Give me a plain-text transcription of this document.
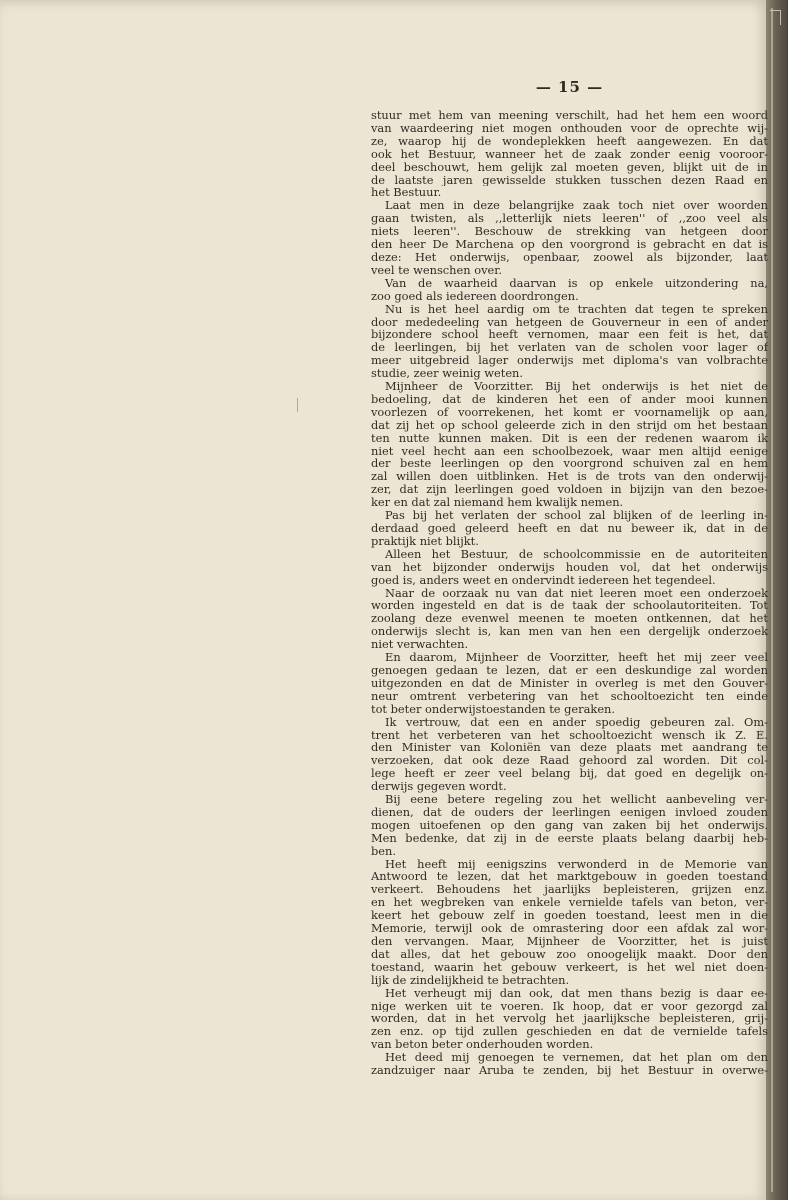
— 15 —
stuur met hem van meening verschilt, had het hem een woord
van waardeering niet mogen onthouden voor de oprechte wij-
ze, waarop hij de wondeplekken heeft aangewezen. En dat
ook het Bestuur, wanneer het de zaak zonder eenig vooroor-
deel beschouwt, hem gelijk zal moeten geven, blijkt uit de in
de laatste jaren gewisselde stukken tusschen dezen Raad en
het Bestuur.
Laat men in deze belangrijke zaak toch niet over woorden
gaan twisten, als ,,letterlijk niets leeren'' of ,,zoo veel als
niets leeren''. Beschouw de strekking van hetgeen door
den heer De Marchena op den voorgrond is gebracht en dat is
deze: Het onderwijs, openbaar, zoowel als bijzonder, laat
veel te wenschen over.
Van de waarheid daarvan is op enkele uitzondering na,
zoo goed als iedereen doordrongen.
Nu is het heel aardig om te trachten dat tegen te spreken
door mededeeling van hetgeen de Gouverneur in een of ander
bijzondere school heeft vernomen, maar een feit is het, dat
de leerlingen, bij het verlaten van de scholen voor lager of
meer uitgebreid lager onderwijs met diploma's van volbrachte
studie, zeer weinig weten.
Mijnheer de Voorzitter. Bij het onderwijs is het niet de
bedoeling, dat de kinderen het een of ander mooi kunnen
voorlezen of voorrekenen, het komt er voornamelijk op aan,
dat zij het op school geleerde zich in den strijd om het bestaan
ten nutte kunnen maken. Dit is een der redenen waarom ik
niet veel hecht aan een schoolbezoek, waar men altijd eenige
der beste leerlingen op den voorgrond schuiven zal en hem
zal willen doen uitblinken. Het is de trots van den onderwij-
zer, dat zijn leerlingen goed voldoen in bijzijn van den bezoe-
ker en dat zal niemand hem kwalijk nemen.
Pas bij het verlaten der school zal blijken of de leerling in-
derdaad goed geleerd heeft en dat nu beweer ik, dat in de
praktijk niet blijkt.
Alleen het Bestuur, de schoolcommissie en de autoriteiten
van het bijzonder onderwijs houden vol, dat het onderwijs
goed is, anders weet en ondervindt iedereen het tegendeel.
Naar de oorzaak nu van dat niet leeren moet een onderzoek
worden ingesteld en dat is de taak der schoolautoriteiten. Tot
zoolang deze evenwel meenen te moeten ontkennen, dat het
onderwijs slecht is, kan men van hen een dergelijk onderzoek
niet verwachten.
En daarom, Mijnheer de Voorzitter, heeft het mij zeer veel
genoegen gedaan te lezen, dat er een deskundige zal worden
uitgezonden en dat de Minister in overleg is met den Gouver-
neur omtrent verbetering van het schooltoezicht ten einde
tot beter onderwijstoestanden te geraken.
Ik vertrouw, dat een en ander spoedig gebeuren zal. Om-
trent het verbeteren van het schooltoezicht wensch ik Z. E.
den Minister van Koloniën van deze plaats met aandrang te
verzoeken, dat ook deze Raad gehoord zal worden. Dit col-
lege heeft er zeer veel belang bij, dat goed en degelijk on-
derwijs gegeven wordt.
Bij eene betere regeling zou het wellicht aanbeveling ver-
dienen, dat de ouders der leerlingen eenigen invloed zouden
mogen uitoefenen op den gang van zaken bij het onderwijs.
Men bedenke, dat zij in de eerste plaats belang daarbij heb-
ben.
Het heeft mij eenigszins verwonderd in de Memorie van
Antwoord te lezen, dat het marktgebouw in goeden toestand
verkeert. Behoudens het jaarlijks bepleisteren, grijzen enz.
en het wegbreken van enkele vernielde tafels van beton, ver-
keert het gebouw zelf in goeden toestand, leest men in die
Memorie, terwijl ook de omrastering door een afdak zal wor-
den vervangen. Maar, Mijnheer de Voorzitter, het is juist
dat alles, dat het gebouw zoo onoogelijk maakt. Door den
toestand, waarin het gebouw verkeert, is het wel niet doen-
lijk de zindelijkheid te betrachten.
Het verheugt mij dan ook, dat men thans bezig is daar ee-
nige werken uit te voeren. Ik hoop, dat er voor gezorgd zal
worden, dat in het vervolg het jaarlijksche bepleisteren, grij-
zen enz. op tijd zullen geschieden en dat de vernielde tafels
van beton beter onderhouden worden.
Het deed mij genoegen te vernemen, dat het plan om den
zandzuiger naar Aruba te zenden, bij het Bestuur in overwe-
